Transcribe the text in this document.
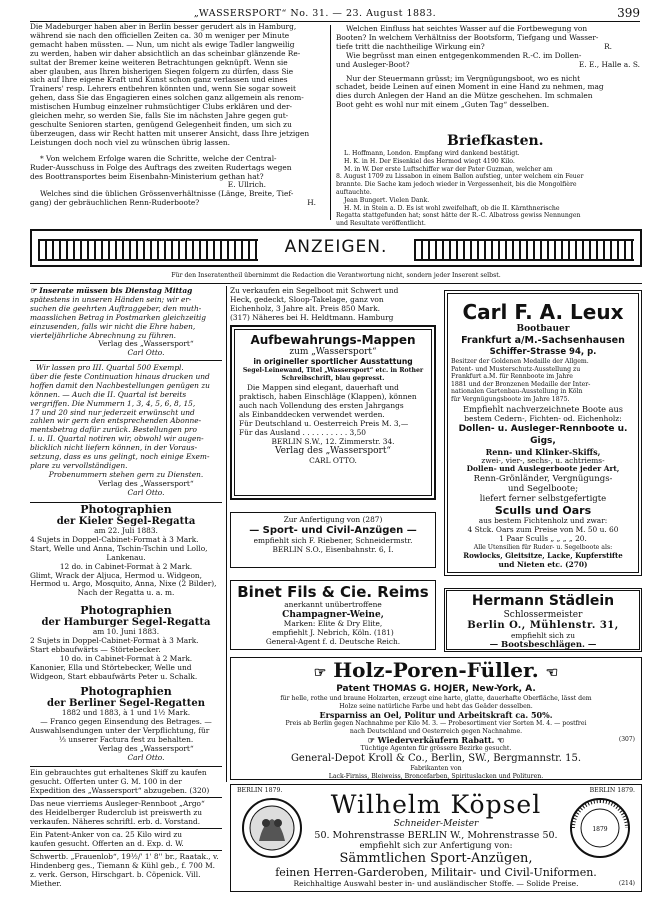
„WASSERSPORT“ No. 31. — 23. August 1883.	399

Die Madeburger haben aber in Berlin besser gerudert als in Hamburg,

während sie nach den officiellen Zeiten ca. 30 m weniger per Minute

gemacht haben müssten. — Nun, um nicht als ewige Tadler langweilig

zu werden, haben wir daher absichtlich an das scheinbar glänzende Re-

sultat der Bremer keine weiteren Betrachtungen geknüpft. Wenn sie

aber glauben, aus Ihren bisherigen Siegen folgern zu dürfen, dass Sie

sich auf Ihre eigene Kraft und Kunst schon ganz verlassen und eines

Trainers' resp. Lehrers entbehren könnten und, wenn Sie sogar soweit

gehen, dass Sie das Engagieren eines solchen ganz allgemein als renom-

mistischen Humbug einzelner ruhmsüchtiger Clubs erklären und der-

gleichen mehr, so werden Sie, falls Sie im nächsten Jahre gegen gut-

geschulte Senioren starten, genügend Gelegenheit finden, um sich zu

überzeugen, dass wir Recht hatten mit unserer Ansicht, dass Ihre jetzigen

Leistungen doch noch viel zu wünschen übrig lassen.

* Von welchem Erfolge waren die Schritte, welche der Central-

Ruder-Ausschuss in Folge des Auftrags des zweiten Rudertags wegen

des Boottransportes beim Eisenbahn-Ministerium gethan hat?

E. Ullrich.

Welches sind die üblichen Grössenverhältnisse (Länge, Breite, Tief-

gang) der gebräuchlichen Renn-Ruderboote?	H.

Welchen Einfluss hat seichtes Wasser auf die Fortbewegung von

Booten? In welchem Verhältniss der Bootsform, Tiefgang und Wasser-

tiefe tritt die nachtheilige Wirkung ein?	R.

Wie begrüsst man einen entgegenkommenden R.-C. im Dollen-

und Ausleger-Boot?	E. E., Halle a. S.

Nur der Steuermann grüsst; im Vergnügungsboot, wo es nicht

schadet, beide Leinen auf einen Moment in eine Hand zu nehmen, mag

dies durch Anlegen der Hand an die Mütze geschehen. Im schmalen

Boot geht es wohl nur mit einem „Guten Tag“ desselben.

Briefkasten.

L. Hoffmann, London. Empfang wird dankend bestätigt.

H. K. in H. Der Eisenkiel des Hermod wiegt 4190 Kilo.

M. in W. Der erste Luftschiffer war der Pater Guzman, welcher am

8. August 1709 zu Lissabon in einem Ballon aufstieg, unter welchem ein Feuer

brannte. Die Sache kam jedoch wieder in Vergessenheit, bis die Mongolfière

auftauchte.

Jean Bungert. Vielen Dank.

H. M. in Stein a. D. Es ist wohl zweifelhaft, ob die II. Kärnthnerische

Regatta stattgefunden hat; sonst hätte der R.-C. Albatross gewiss Nennungen

und Resultate veröffentlicht.

ANZEIGEN.
Für den Inseratentheil übernimmt die Redaction die Verantwortung nicht, sondern jeder Inserent selbst.

☞ Inserate müssen bis Dienstag Mittag

spätestens in unseren Händen sein; wir er-

suchen die geehrten Auftraggeber, den muth-

maasslichen Betrag in Postmarken gleichzeitig

einzusenden, falls wir nicht die Ehre haben,

vierteljährliche Abrechnung zu führen.

Verlag des „Wassersport“

Carl Otto.

Wir lassen pro III. Quartal 500 Exempl.

über die feste Continuation hinaus drucken und

hoffen damit den Nachbestellungen genügen zu

können. — Auch die II. Quartal ist bereits

vergriffen. Die Nummern 1, 3, 4, 5, 6, 8, 15,

17 und 20 sind nur jederzeit erwünscht und

zahlen wir gern den entsprechenden Abonne-

mentsbetrag dafür zurück. Bestellungen pro

I. u. II. Quartal notiren wir, obwohl wir augen-

blicklich nicht liefern können, in der Voraus-

setzung, dass es uns gelingt, noch einige Exem-

plare zu vervollständigen.

Probenummern stehen gern zu Diensten.

Verlag des „Wassersport“

Carl Otto.

Photographien

der Kieler Segel-Regatta

am 22. Juli 1883.

4 Sujets in Doppel-Cabinet-Format à 3 Mark.

Start, Welle und Anna, Tschin-Tschin und Lollo,

Lankenau.

12 do. in Cabinet-Format à 2 Mark.

Glimt, Wrack der Aljuca, Hermod u. Widgeon,

Hermod u. Argo, Mosquito, Anna, Nixe (2 Bilder),

Nach der Regatta u. a. m.

Photographien

der Hamburger Segel-Regatta

am 10. Juni 1883.

2 Sujets in Doppel-Cabinet-Format à 3 Mark.

Start ebbaufwärts — Störtebecker.

10 do. in Cabinet-Format à 2 Mark.

Kanonier, Ella und Störtebecker, Welle und

Widgeon, Start ebbaufwärts Peter u. Schalk.

Photographien

der Berliner Segel-Regatten

1882 und 1883, à 1 und 1½ Mark.

— Franco gegen Einsendung des Betrages. —

Auswahlsendungen unter der Verpflichtung, für

⅓ unserer Factura fest zu behalten.

Verlag des „Wassersport“

Carl Otto.

Ein gebrauchtes gut erhaltenes Skiff zu kaufen

gesucht. Offerten unter G. M. 100 in der

Expedition des „Wassersport“ abzugeben. (320)

Das neue vierriems Ausleger-Rennboot „Argo“

des Heidelberger Ruderclub ist preiswerth zu

verkaufen. Näheres schriftl. erb. d. Vorstand.

Ein Patent-Anker von ca. 25 Kilo wird zu

kaufen gesucht. Offerten an d. Exp. d. W.

Schwertb. „Frauenlob“, 19½/' 1' 8'' br., Raatak., v.

Hindenberg ges., Tiemann & Kühl geb., f. 700 M.

z. verk. Gerson, Hirschgart. b. Cöpenick. Vill. Miether.

Zu verkaufen ein Segelboot mit Schwert und

Heck, gedeckt, Sloop-Takelage, ganz von

Eichenholz, 3 Jahre alt. Preis 850 Mark.

(317) Näheres bei H. Heldtmann. Hamburg

Aufbewahrungs-Mappen

zum „Wassersport“

in origineller sportlicher Ausstattung

Segel-Leinewand, Titel „Wassersport“ etc. in Rother

Schreibschrift, blau gepresst.

Die Mappen sind elegant, dauerhaft und

praktisch, haben Einschläge (Klappen), können

auch nach Vollendung des ersten Jahrgangs

als Einbanddecken verwendet werden.

Für Deutschland u. Oesterreich Preis M. 3,—

Für das Ausland . . . . . . . . . . 3,50

BERLIN S.W., 12. Zimmerstr. 34.

Verlag des „Wassersport“

CARL OTTO.

Zur Anfertigung von (287)

— Sport- und Civil-Anzügen —

empfiehlt sich F. Riebener, Schneidermstr.

BERLIN S.O., Eisenbahnstr. 6, I.

Binet Fils & Cie. Reims

anerkannt unübertroffene

Champagner-Weine,

Marken: Elite & Dry Elite,

empfiehlt J. Nebrich, Köln. (181)

General-Agent f. d. Deutsche Reich.

Carl F. A. Leux

Bootbauer

Frankfurt a/M.-Sachsenhausen

Schiffer-Strasse 94, p.

Besitzer der Goldenen Medaille der Allgem.

Patent- und Musterschutz-Ausstellung zu

Frankfurt a.M. für Rennboote im Jahre

1881 und der Bronzenen Medaille der Inter-

nationalen Gartenbau-Ausstellung in Köln

für Vergnügungsboote im Jahre 1875.

Empfiehlt nachverzeichnete Boote aus

bestem Cedern-, Fichten- od. Eichenholz:

Dollen- u. Ausleger-Rennboote u. Gigs,

Renn- und Klinker-Skiffs,

zwei-, vier-, sechs-, u. achtriems-

Dollen- und Auslegerboote jeder Art,

Renn-Grönländer, Vergnügungs-

und Segelboote;

liefert ferner selbstgefertigte

Sculls und Oars

aus bestem Fichtenholz und zwar:

4 Stck. Oars zum Preise von M. 50 u. 60

1 Paar Sculls „ „ „ „ 20.

Alle Utensilien für Ruder- u. Segelboote als:

Rowlocks, Gleitsitze, Lacke, Kupferstifte

und Nieten etc. (270)

Hermann Städlein

Schlossermeister

Berlin O., Mühlenstr. 31,

empfiehlt sich zu

— Bootsbeschlägen. —

☞ Holz-Poren-Füller. ☜

Patent THOMAS G. HOJER, New-York, A.

für helle, rothe und braune Holzarten, erzeugt eine harte, glatte, dauerhafte Oberfläche, lässt dem

Holze seine natürliche Farbe und hebt das Geäder desselben.

Ersparniss an Oel, Politur und Arbeitskraft ca. 50%.

Preis ab Berlin gegen Nachnahme per Kilo M. 3. — Probesortiment vier Sorten M. 4. — postfrei

nach Deutschland und Oesterreich gegen Nachnahme.

☞ Wiederverkäufern Rabatt. ☜	(307)

Tüchtige Agenten für grössere Bezirke gesucht.

General-Depot Kroll & Co., Berlin, SW., Bergmannstr. 15.

Fabrikanten von

Lack-Firniss, Bleiweiss, Broncefarben, Spirituslacken und Polituren.

BERLIN 1879.	BERLIN 1879.
1879

Wilhelm Köpsel

Schneider-Meister

50. Mohrenstrasse BERLIN W., Mohrenstrasse 50.

empfiehlt sich zur Anfertigung von:

Sämmtlichen Sport-Anzügen,

feinen Herren-Garderoben, Militair- und Civil-Uniformen.

Reichhaltige Auswahl bester in- und ausländischer Stoffe. — Solide Preise.	(214)
